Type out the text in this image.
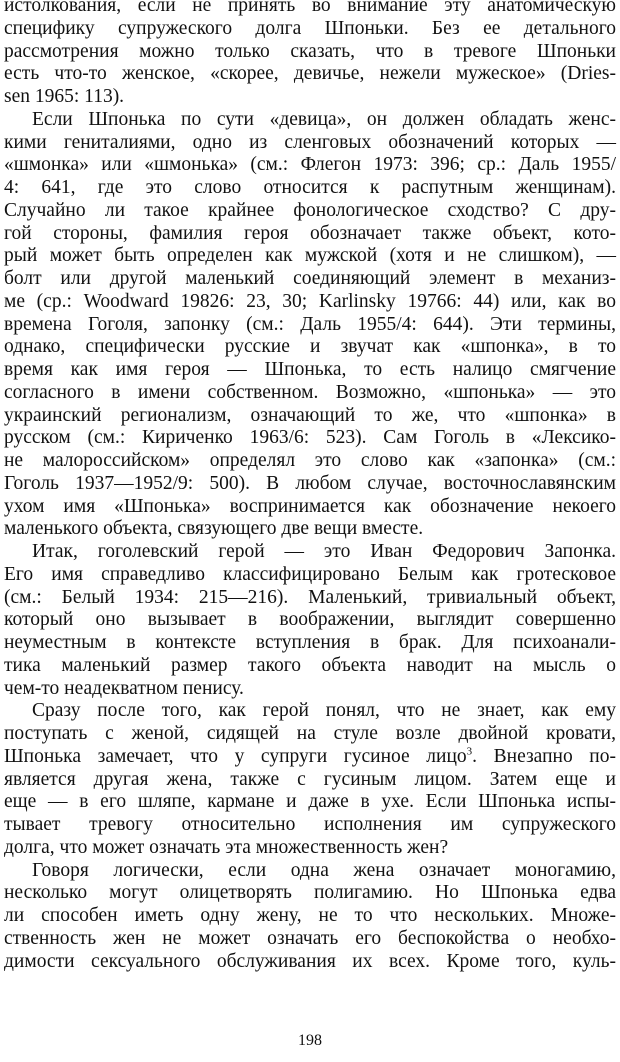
истолкования, если не принять во внимание эту анатомическую
специфику супружеского долга Шпоньки. Без ее детального
рассмотрения можно только сказать, что в тревоге Шпоньки
есть что-то женское, «скорее, девичье, нежели мужеское» (Dries-
sen 1965: 113).
Если Шпонька по сути «девица», он должен обладать женс-
кими гениталиями, одно из сленговых обозначений которых —
«шмонка» или «шмонька» (см.: Флегон 1973: 396; ср.: Даль 1955/
4: 641, где это слово относится к распутным женщинам).
Случайно ли такое крайнее фонологическое сходство? С дру-
гой стороны, фамилия героя обозначает также объект, кото-
рый может быть определен как мужской (хотя и не слишком), —
болт или другой маленький соединяющий элемент в механиз-
ме (ср.: Woodward 19826: 23, 30; Karlinsky 19766: 44) или, как во
времена Гоголя, запонку (см.: Даль 1955/4: 644). Эти термины,
однако, специфически русские и звучат как «шпонка», в то
время как имя героя — Шпонька, то есть налицо смягчение
согласного в имени собственном. Возможно, «шпонька» — это
украинский регионализм, означающий то же, что «шпонка» в
русском (см.: Кириченко 1963/6: 523). Сам Гоголь в «Лексико-
не малороссийском» определял это слово как «запонка» (см.:
Гоголь 1937—1952/9: 500). В любом случае, восточнославянским
ухом имя «Шпонька» воспринимается как обозначение некоего
маленького объекта, связующего две вещи вместе.
Итак, гоголевский герой — это Иван Федорович Запонка.
Его имя справедливо классифицировано Белым как гротесковое
(см.: Белый 1934: 215—216). Маленький, тривиальный объект,
который оно вызывает в воображении, выглядит совершенно
неуместным в контексте вступления в брак. Для психоанали-
тика маленький размер такого объекта наводит на мысль о
чем-то неадекватном пенису.
Сразу после того, как герой понял, что не знает, как ему
поступать с женой, сидящей на стуле возле двойной кровати,
Шпонька замечает, что у супруги гусиное лицо$^3$. Внезапно по-
является другая жена, также с гусиным лицом. Затем еще и
еще — в его шляпе, кармане и даже в ухе. Если Шпонька испы-
тывает тревогу относительно исполнения им супружеского
долга, что может означать эта множественность жен?
Говоря логически, если одна жена означает моногамию,
несколько могут олицетворять полигамию. Но Шпонька едва
ли способен иметь одну жену, не то что нескольких. Множе-
ственность жен не может означать его беспокойства о необхо-
димости сексуального обслуживания их всех. Кроме того, куль-
198
